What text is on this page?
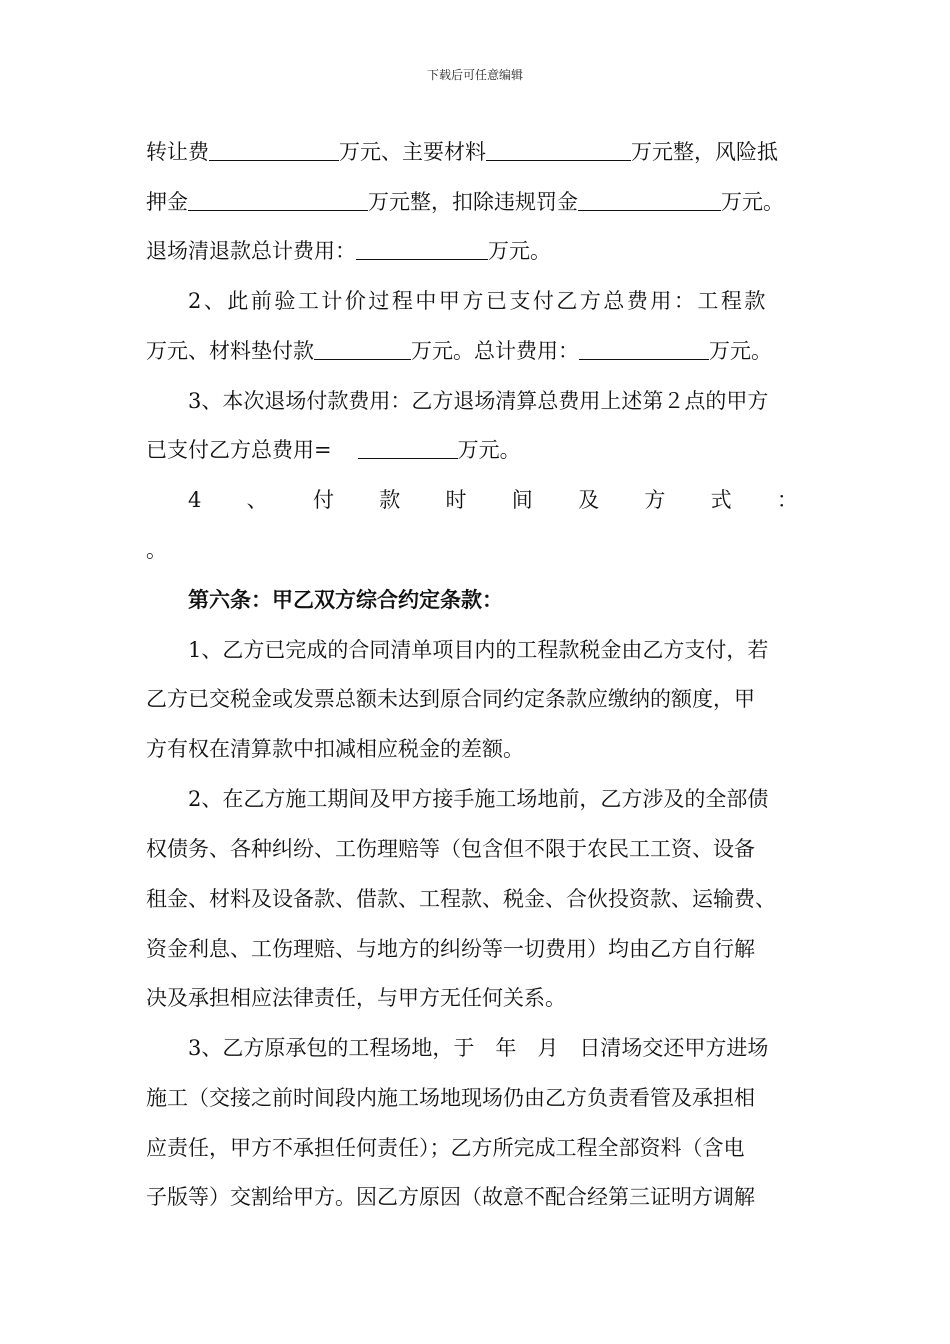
下载后可任意编辑
转让费	万元、主要材料	万元整，风险抵
押金	万元整，扣除违规罚金	万元。
退场清退款总计费用：	万元。
2、此前验工计价过程中甲方已支付乙方总费用：工程款
万元、材料垫付款	万元。总计费用：	万元。
3、本次退场付款费用：乙方退场清算总费用上述第２点的甲方
已支付乙方总费用=	万元。
4 、 付 款 时 间 及 方 式 ：
。
第六条：甲乙双方综合约定条款：
1、乙方已完成的合同清单项目内的工程款税金由乙方支付，若
乙方已交税金或发票总额未达到原合同约定条款应缴纳的额度，甲
方有权在清算款中扣减相应税金的差额。
2、在乙方施工期间及甲方接手施工场地前，乙方涉及的全部债
权债务、各种纠纷、工伤理赔等（包含但不限于农民工工资、设备
租金、材料及设备款、借款、工程款、税金、合伙投资款、运输费、
资金利息、工伤理赔、与地方的纠纷等一切费用）均由乙方自行解
决及承担相应法律责任，与甲方无任何关系。
3、乙方原承包的工程场地，于　年　月　日清场交还甲方进场
施工（交接之前时间段内施工场地现场仍由乙方负责看管及承担相
应责任，甲方不承担任何责任）；乙方所完成工程全部资料（含电
子版等）交割给甲方。因乙方原因（故意不配合经第三证明方调解
